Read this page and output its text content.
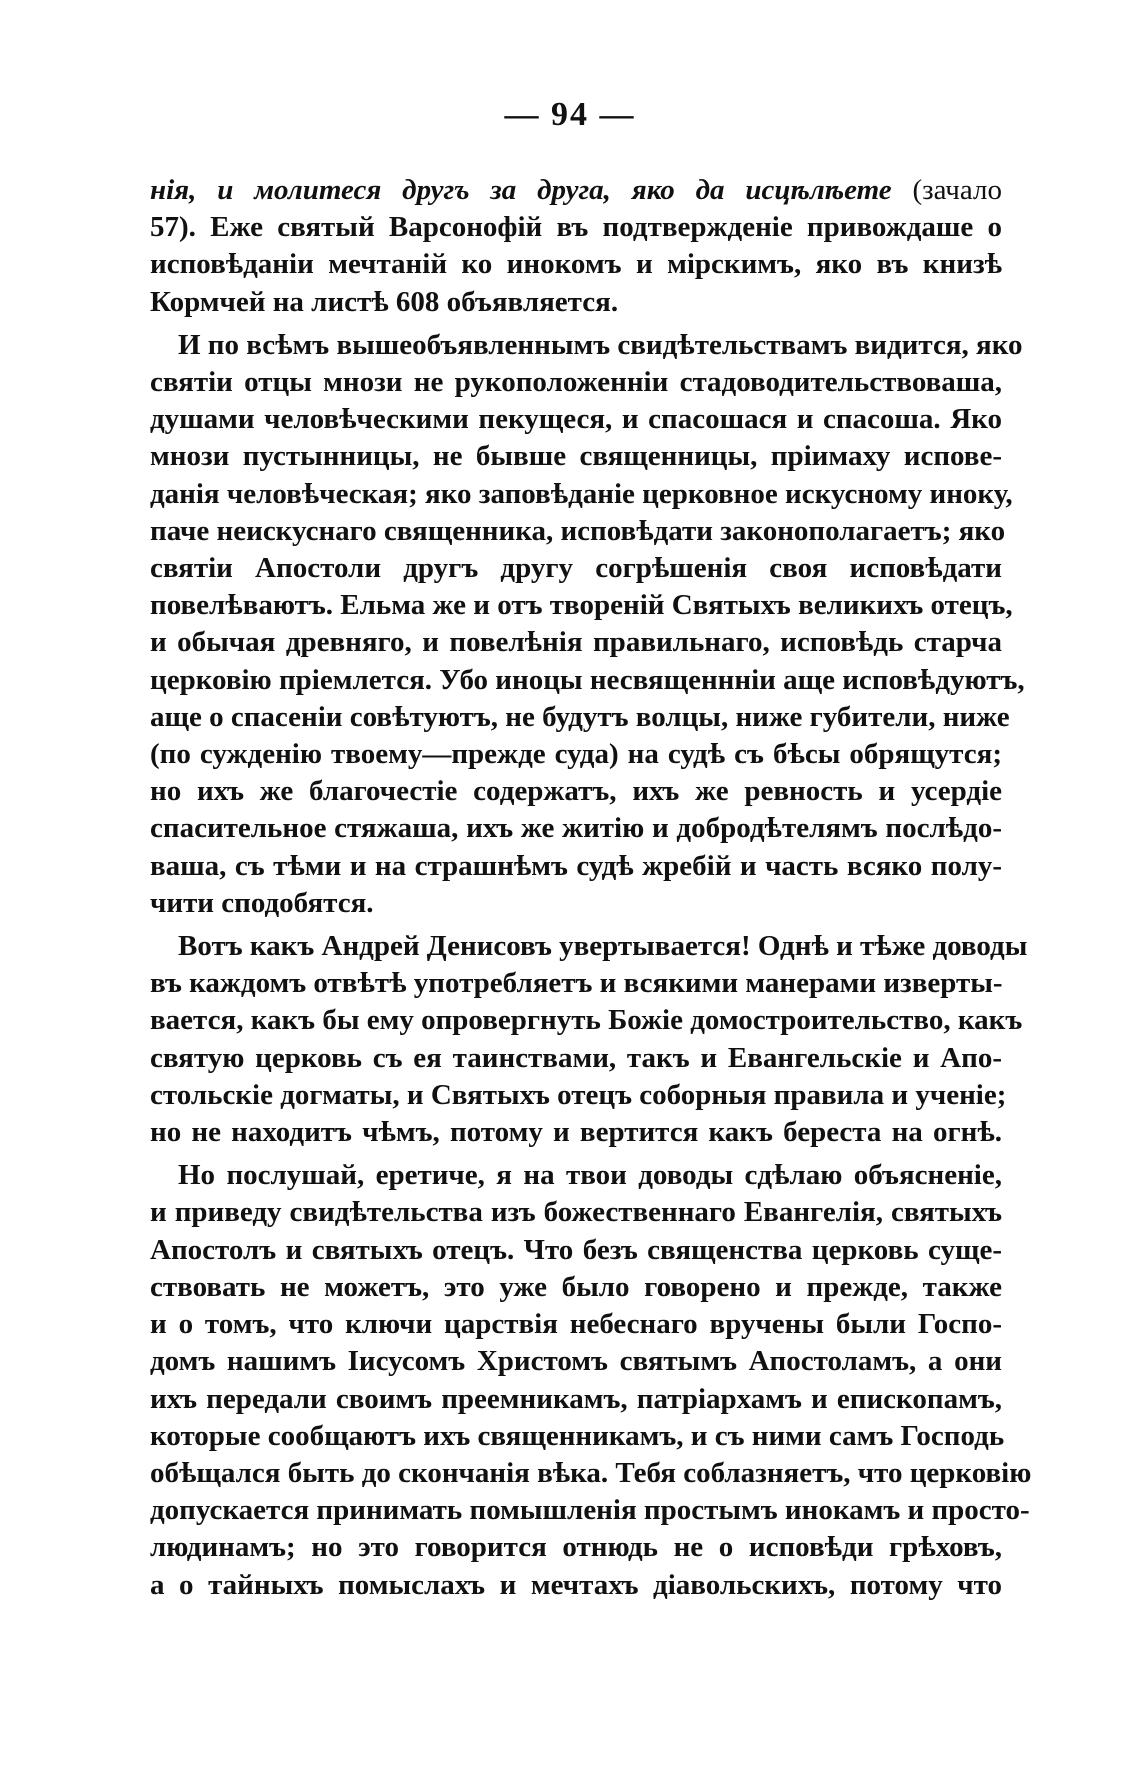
— 94 —
нія, и молитеся другъ за друга, яко да исцѣлѣете (зачало
57). Еже святый Варсонофій въ подтвержденіе привождаше о
исповѣданіи мечтаній ко инокомъ и мірскимъ, яко въ книзѣ
Кормчей на листѣ 608 объявляется.
И по всѣмъ вышеобъявленнымъ свидѣтельствамъ видится, яко
святіи отцы мнози не рукоположенніи стадоводительствоваша,
душами человѣческими пекущеся, и спасошася и спасоша. Яко
мнози пустынницы, не бывше священницы, пріимаху испове-
данія человѣческая; яко заповѣданіе церковное искусному иноку,
паче неискуснаго священника, исповѣдати законополагаетъ; яко
святіи Апостоли другъ другу согрѣшенія своя исповѣдати
повелѣваютъ. Ельма же и отъ твореній Святыхъ великихъ отецъ,
и обычая древняго, и повелѣнія правильнаго, исповѣдь старча
церковію пріемлется. Убо иноцы несвященнніи аще исповѣдуютъ,
аще о спасеніи совѣтуютъ, не будутъ волцы, ниже губители, ниже
(по сужденію твоему—прежде суда) на судѣ съ бѣсы обрящутся;
но ихъ же благочестіе содержатъ, ихъ же ревность и усердіе
спасительное стяжаша, ихъ же житію и добродѣтелямъ послѣдо-
ваша, съ тѣми и на страшнѣмъ судѣ жребій и часть всяко полу-
чити сподобятся.
Вотъ какъ Андрей Денисовъ увертывается! Однѣ и тѣже доводы
въ каждомъ отвѣтѣ употребляетъ и всякими манерами изверты-
вается, какъ бы ему опровергнуть Божіе домостроительство, какъ
святую церковь съ ея таинствами, такъ и Евангельскіе и Апо-
стольскіе догматы, и Святыхъ отецъ соборныя правила и ученіе;
но не находитъ чѣмъ, потому и вертится какъ береста на огнѣ.
Но послушай, еретиче, я на твои доводы сдѣлаю объясненіе,
и приведу свидѣтельства изъ божественнаго Евангелія, святыхъ
Апостолъ и святыхъ отецъ. Что безъ священства церковь суще-
ствовать не можетъ, это уже было говорено и прежде, также
и о томъ, что ключи царствія небеснаго вручены были Госпо-
домъ нашимъ Іисусомъ Христомъ святымъ Апостоламъ, а они
ихъ передали своимъ преемникамъ, патріархамъ и епископамъ,
которые сообщаютъ ихъ священникамъ, и съ ними самъ Господь
обѣщался быть до скончанія вѣка. Тебя соблазняетъ, что церковію
допускается принимать помышленія простымъ инокамъ и просто-
людинамъ; но это говорится отнюдь не о исповѣди грѣховъ,
а о тайныхъ помыслахъ и мечтахъ діавольскихъ, потому что
